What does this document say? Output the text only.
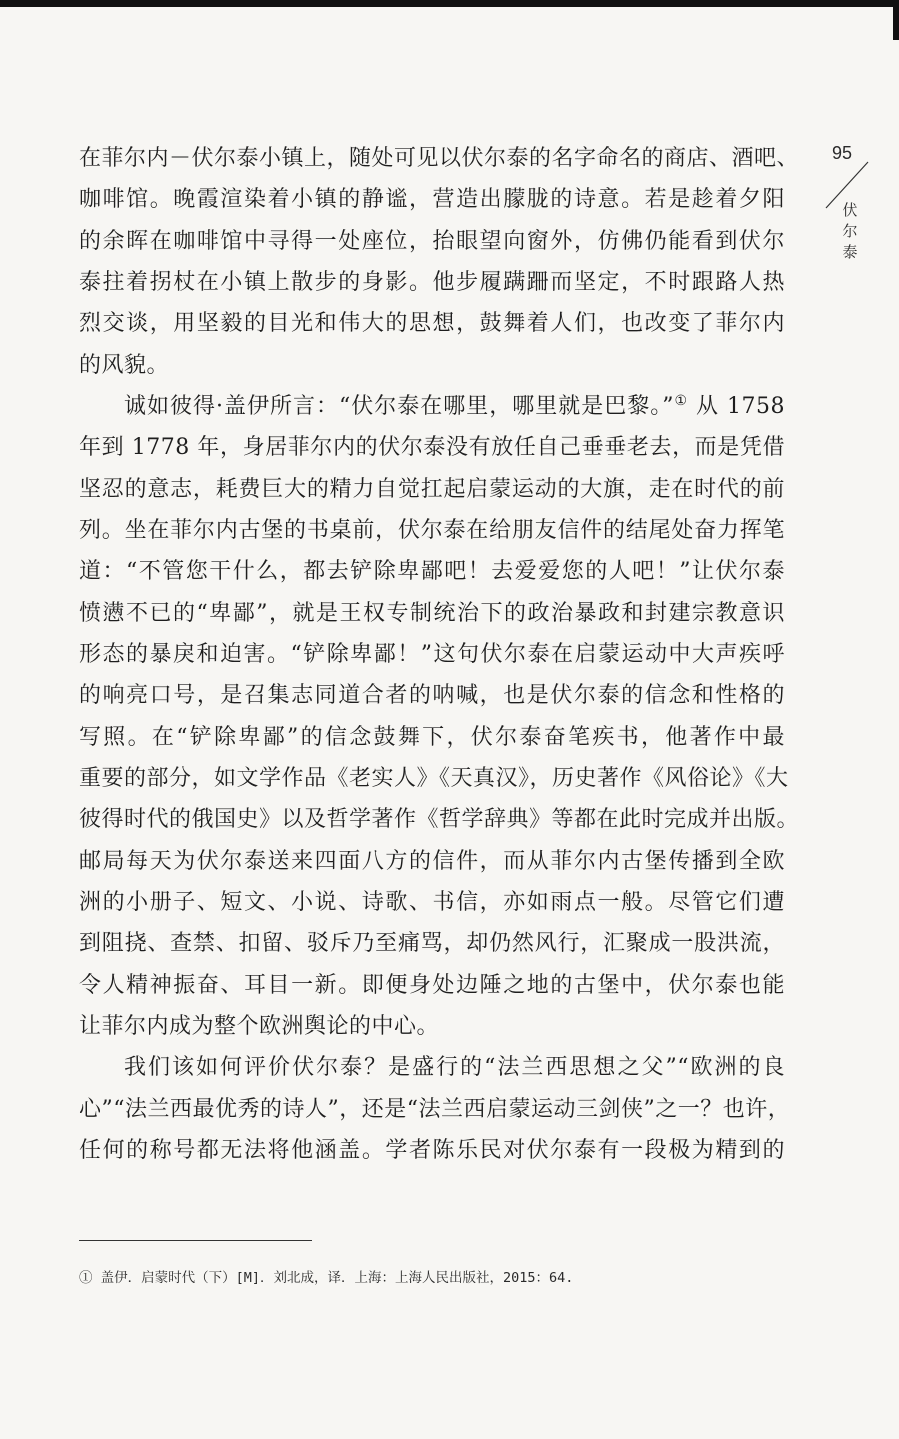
95
伏
尔
泰
在菲尔内－伏尔泰小镇上，随处可见以伏尔泰的名字命名的商店、酒吧、
咖啡馆。晚霞渲染着小镇的静谧，营造出朦胧的诗意。若是趁着夕阳
的余晖在咖啡馆中寻得一处座位，抬眼望向窗外，仿佛仍能看到伏尔
泰拄着拐杖在小镇上散步的身影。他步履蹒跚而坚定，不时跟路人热
烈交谈，用坚毅的目光和伟大的思想，鼓舞着人们，也改变了菲尔内
的风貌。
诚如彼得·盖伊所言：“伏尔泰在哪里，哪里就是巴黎。”① 从 1758
年到 1778 年，身居菲尔内的伏尔泰没有放任自己垂垂老去，而是凭借
坚忍的意志，耗费巨大的精力自觉扛起启蒙运动的大旗，走在时代的前
列。坐在菲尔内古堡的书桌前，伏尔泰在给朋友信件的结尾处奋力挥笔
道：“不管您干什么，都去铲除卑鄙吧！去爱爱您的人吧！”让伏尔泰
愤懑不已的“卑鄙”，就是王权专制统治下的政治暴政和封建宗教意识
形态的暴戾和迫害。“铲除卑鄙！”这句伏尔泰在启蒙运动中大声疾呼
的响亮口号，是召集志同道合者的呐喊，也是伏尔泰的信念和性格的
写照。在“铲除卑鄙”的信念鼓舞下，伏尔泰奋笔疾书，他著作中最
重要的部分，如文学作品《老实人》《天真汉》，历史著作《风俗论》《大
彼得时代的俄国史》以及哲学著作《哲学辞典》等都在此时完成并出版。
邮局每天为伏尔泰送来四面八方的信件，而从菲尔内古堡传播到全欧
洲的小册子、短文、小说、诗歌、书信，亦如雨点一般。尽管它们遭
到阻挠、查禁、扣留、驳斥乃至痛骂，却仍然风行，汇聚成一股洪流，
令人精神振奋、耳目一新。即便身处边陲之地的古堡中，伏尔泰也能
让菲尔内成为整个欧洲舆论的中心。
我们该如何评价伏尔泰？是盛行的“法兰西思想之父”“欧洲的良
心”“法兰西最优秀的诗人”，还是“法兰西启蒙运动三剑侠”之一？也许，
任何的称号都无法将他涵盖。学者陈乐民对伏尔泰有一段极为精到的
① 盖伊．启蒙时代（下）[M]．刘北成，译．上海：上海人民出版社，2015：64.
